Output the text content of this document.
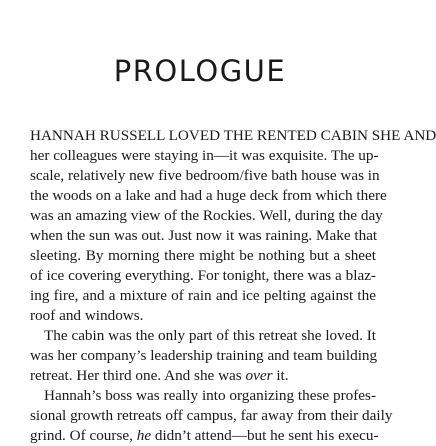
PROLOGUE
HANNAH RUSSELL LOVED THE RENTED CABIN SHE AND
her colleagues were staying in—it was exquisite. The up-
scale, relatively new five bedroom/five bath house was in
the woods on a lake and had a huge deck from which there
was an amazing view of the Rockies. Well, during the day
when the sun was out. Just now it was raining. Make that
sleeting. By morning there might be nothing but a sheet
of ice covering everything. For tonight, there was a blaz-
ing fire, and a mixture of rain and ice pelting against the
roof and windows.
The cabin was the only part of this retreat she loved. It
was her company’s leadership training and team building
retreat. Her third one. And she was over it.
Hannah’s boss was really into organizing these profes-
sional growth retreats off campus, far away from their daily
grind. Of course, he didn’t attend—but he sent his execu-
